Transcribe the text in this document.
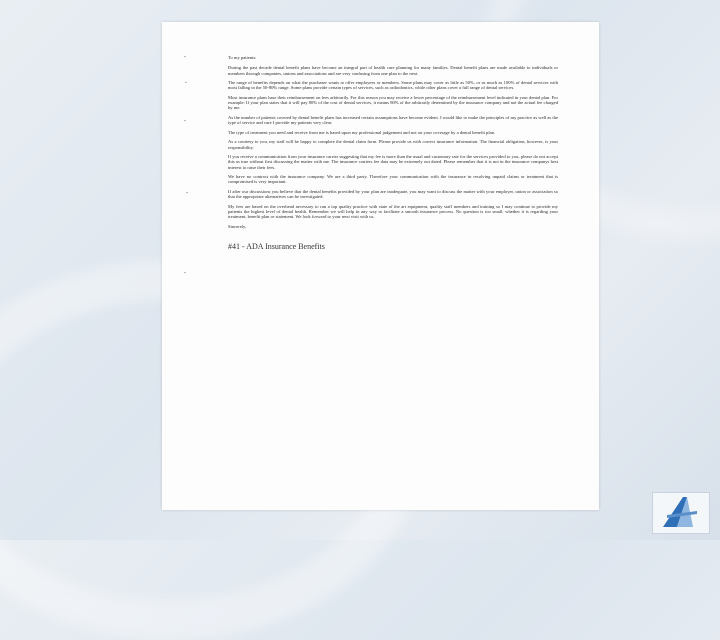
To my patients:

During the past decade dental benefit plans have become an integral part of health care planning for many families. Dental benefit plans are made available to individuals or members through companies, unions and associations and are very confusing from one plan to the next.

The range of benefits depends on what the purchaser wants to offer employees or members. Some plans may cover as little as 50%, or as much as 100% of dental services with most falling in the 50-80% range. Some plans provide certain types of services, such as orthodontics, while other plans cover a full range of dental services.

Most insurance plans base their reimbursement on fees arbitrarily. For this reason you may receive a lower percentage of the reimbursement level indicated in your dental plan. For example: If your plan states that it will pay 80% of the cost of dental services, it means 80% of the arbitrarily determined by the insurance company and not the actual fee charged by me.

As the number of patients covered by dental benefit plans has increased certain assumptions have become evident. I would like to make the principles of my practice as well as the type of service and care I provide my patients very clear.

The type of treatment you need and receive from me is based upon my professional judgement and not on your coverage by a dental benefit plan.

As a courtesy to you, my staff will be happy to complete the dental claim form. Please provide us with correct insurance information. The financial obligation, however, is your responsibility.

If you receive a communication from your insurance carrier suggesting that my fee is more than the usual and customary rate for the services provided to you, please do not accept this as true without first discussing the matter with me. The insurance carriers fee data may be extremely out dated. Please remember that it is not in the insurance companys best interest to raise their fees.

We have no contract with the insurance company. We are a third party. Therefore your communication with the insurance in resolving unpaid claims or treatment that is compromised is very important.

If after our discussions you believe that the dental benefits provided by your plan are inadequate, you may want to discuss the matter with your employer, union or association so that the appropriate alternatives can be investigated.

My fees are based on the overhead necessary to run a top quality practice with state of the art equipment, quality staff members and training so I may continue to provide my patients the highest level of dental health. Remember we will help in any way to facilitate a smooth insurance process. No question is too small, whether it is regarding your treatment, benefit plan or statement. We look forward to your next visit with us.

Sincerely,

#41 - ADA Insurance Benefits
